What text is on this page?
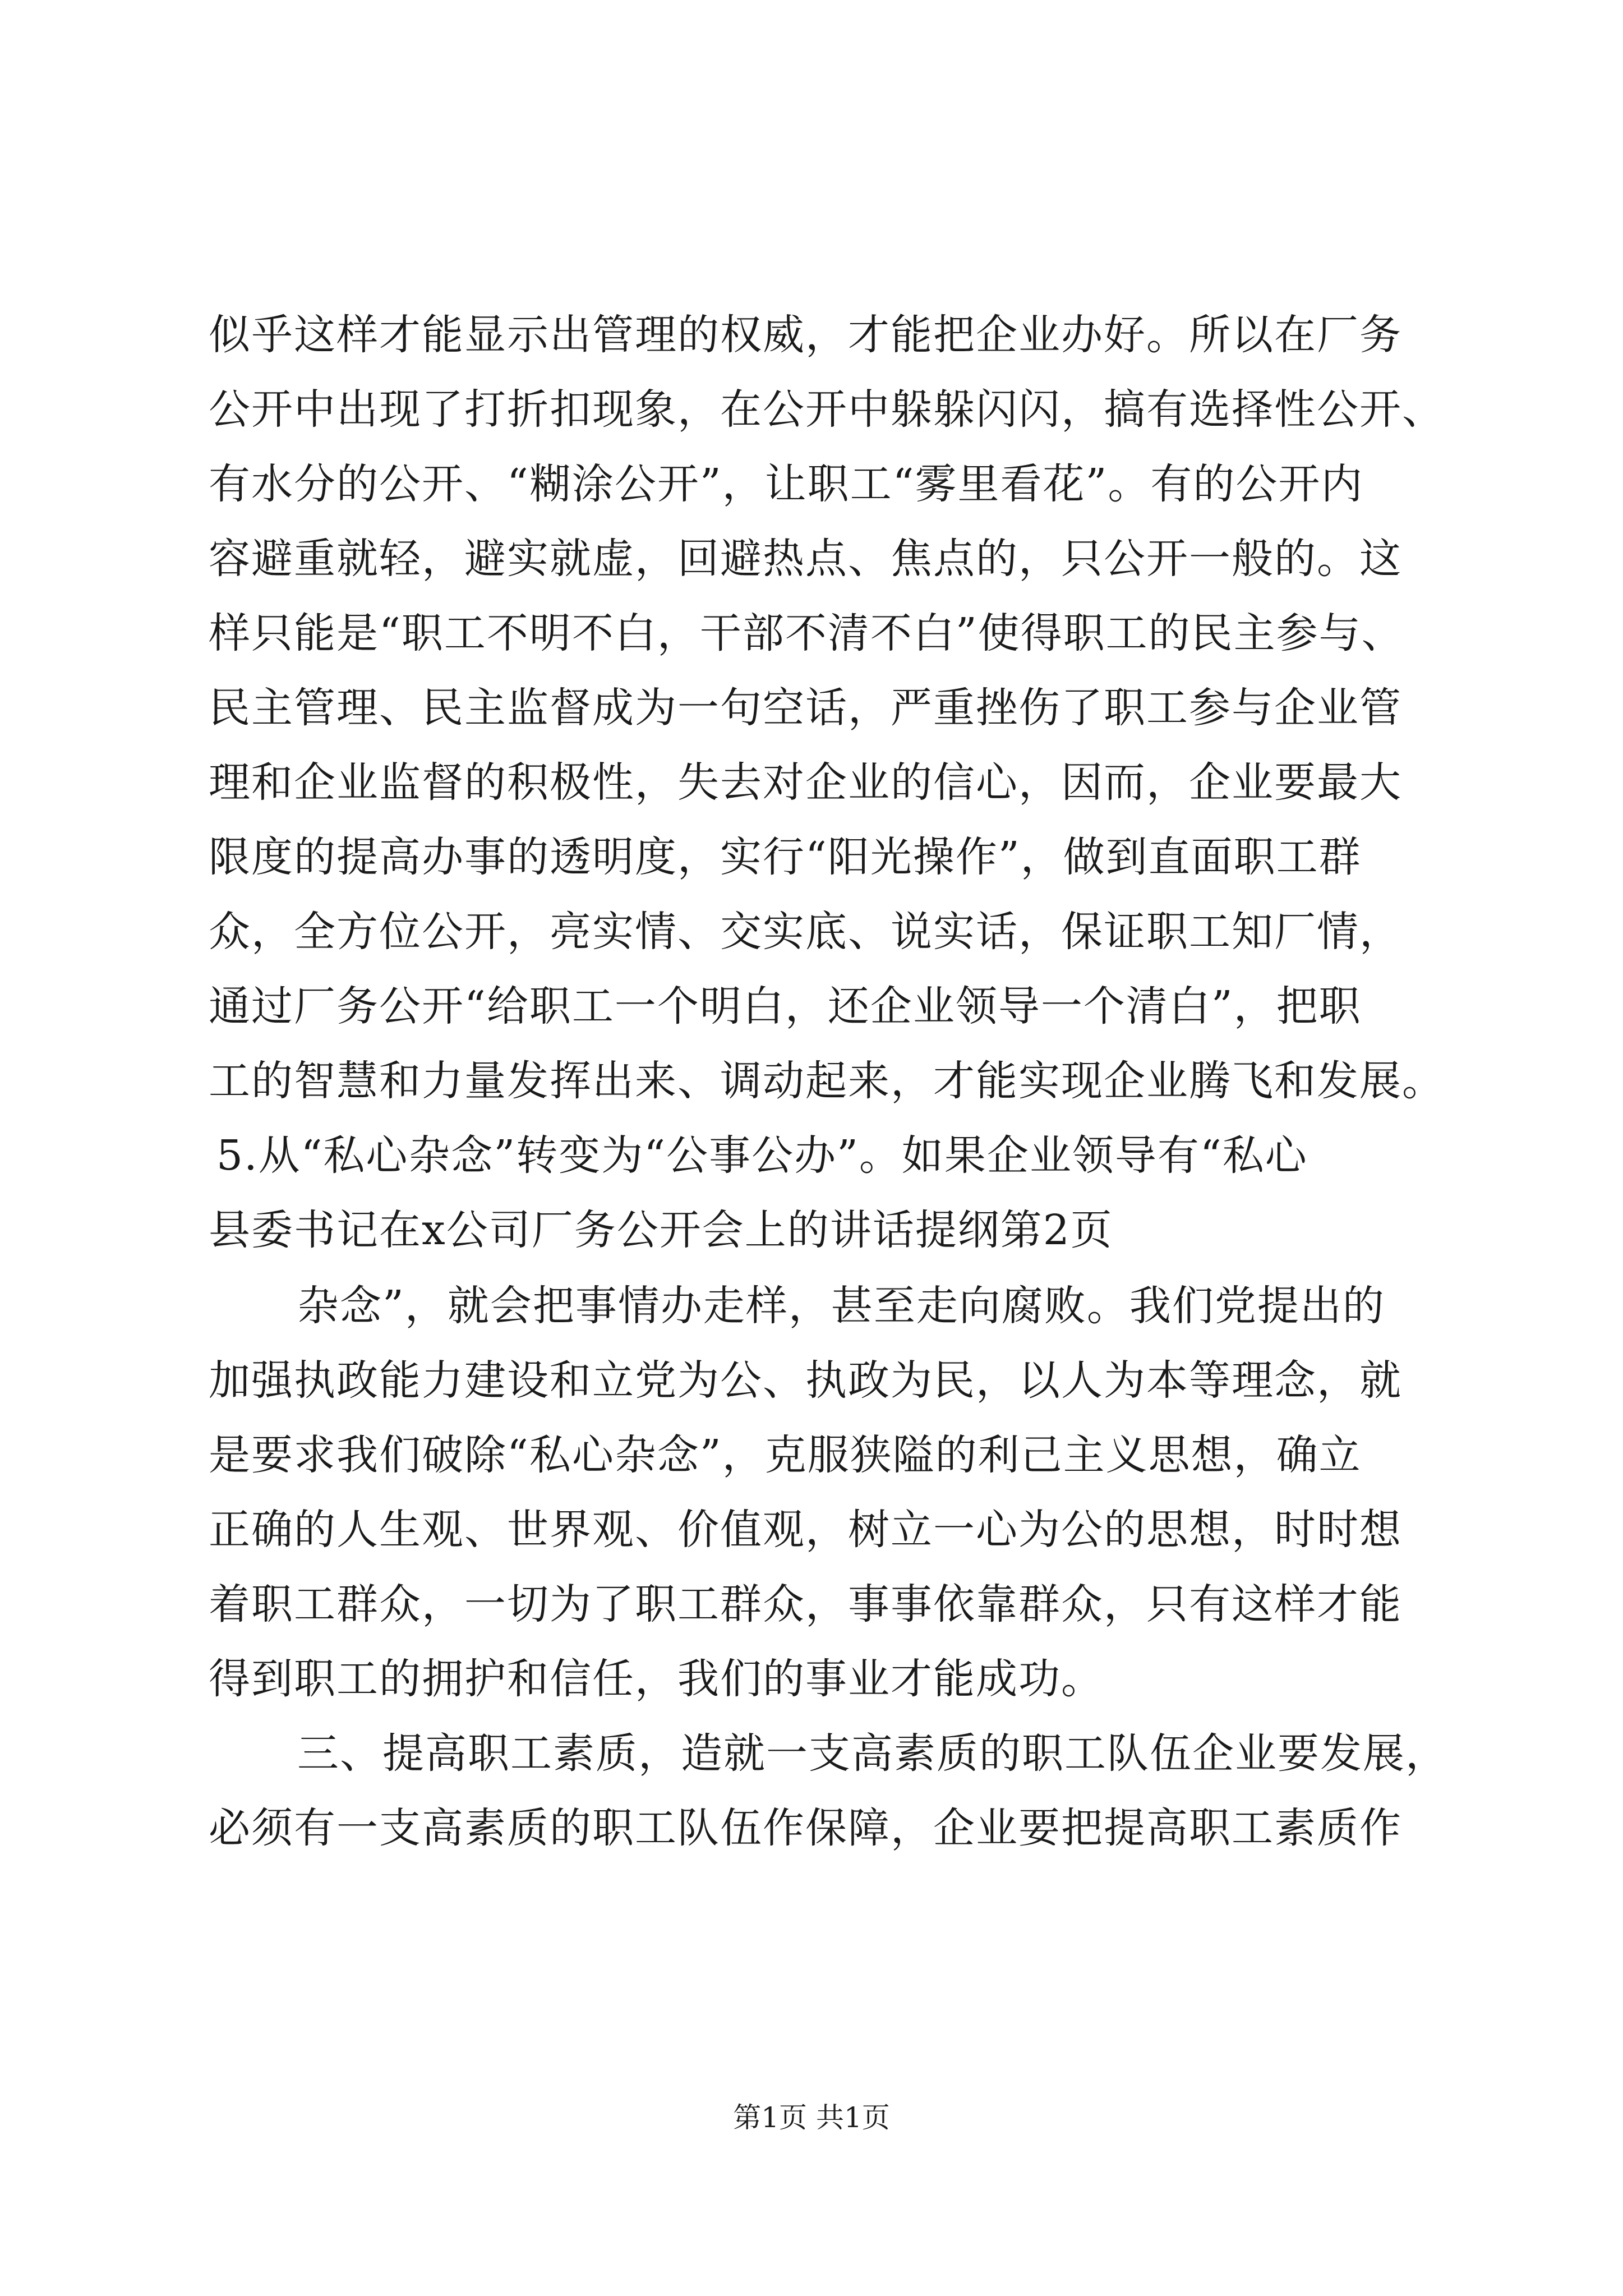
似乎这样才能显示出管理的权威，才能把企业办好。所以在厂务

公开中出现了打折扣现象，在公开中躲躲闪闪，搞有选择性公开、

有水分的公开、“糊涂公开”，让职工“雾里看花”。有的公开内

容避重就轻，避实就虚，回避热点、焦点的，只公开一般的。这

样只能是“职工不明不白，干部不清不白”使得职工的民主参与、

民主管理、民主监督成为一句空话，严重挫伤了职工参与企业管

理和企业监督的积极性，失去对企业的信心，因而，企业要最大

限度的提高办事的透明度，实行“阳光操作”，做到直面职工群

众，全方位公开，亮实情、交实底、说实话，保证职工知厂情，

通过厂务公开“给职工一个明白，还企业领导一个清白”，把职

工的智慧和力量发挥出来、调动起来，才能实现企业腾飞和发展。

5.从“私心杂念”转变为“公事公办”。如果企业领导有“私心

县委书记在x公司厂务公开会上的讲话提纲第2页

杂念”，就会把事情办走样，甚至走向腐败。我们党提出的

加强执政能力建设和立党为公、执政为民，以人为本等理念，就

是要求我们破除“私心杂念”，克服狭隘的利己主义思想，确立

正确的人生观、世界观、价值观，树立一心为公的思想，时时想

着职工群众，一切为了职工群众，事事依靠群众，只有这样才能

得到职工的拥护和信任，我们的事业才能成功。

三、提高职工素质，造就一支高素质的职工队伍企业要发展，

必须有一支高素质的职工队伍作保障，企业要把提高职工素质作

第1页 共1页
